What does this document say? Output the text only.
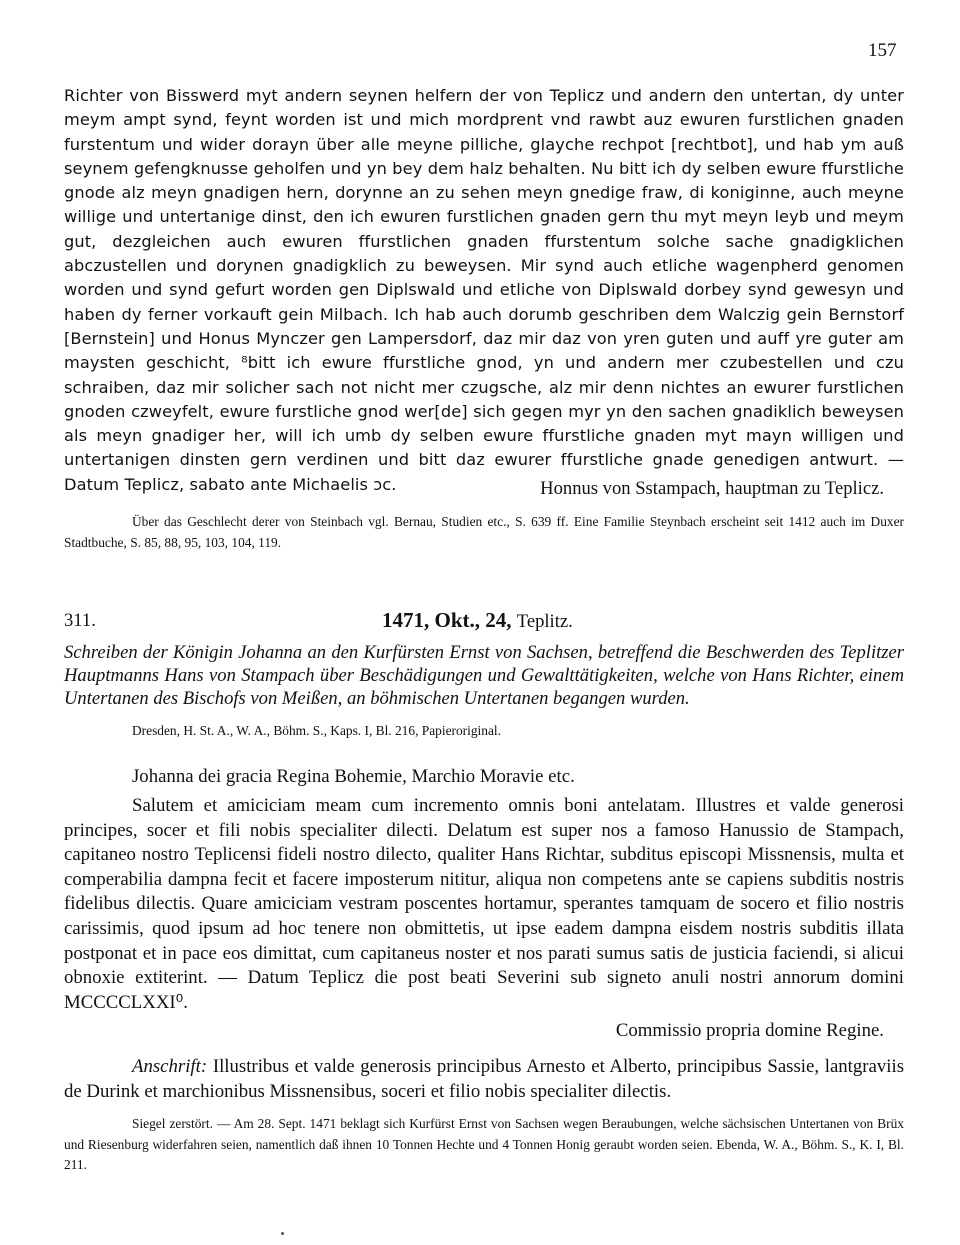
157

Richter von Bisswerd myt andern seynen helfern der von Teplicz und andern den untertan, dy unter meym ampt synd, feynt worden ist und mich mordprent vnd rawbt auz ewuren furstlichen gnaden furstentum und wider dorayn über alle meyne pilliche, glayche rechpot [rechtbot], und hab ym auß seynem gefengknusse geholfen und yn bey dem halz behalten. Nu bitt ich dy selben ewure ffurstliche gnode alz meyn gnadigen hern, dorynne an zu sehen meyn gnedige fraw, di koniginne, auch meyne willige und untertanige dinst, den ich ewuren furstlichen gnaden gern thu myt meyn leyb und meym gut, dezgleichen auch ewuren ffurstlichen gnaden ffurstentum solche sache gnadigklichen abczustellen und dorynen gnadigklich zu beweysen. Mir synd auch etliche wagenpherd genomen worden und synd gefurt worden gen Diplswald und etliche von Diplswald dorbey synd gewesyn und haben dy ferner vorkauft gein Milbach. Ich hab auch dorumb geschriben dem Walczig gein Bernstorf [Bernstein] und Honus Mynczer gen Lampersdorf, daz mir daz von yren guten und auff yre guter am maysten geschicht, ⁸bitt ich ewure ffurstliche gnod, yn und andern mer czubestellen und czu schraiben, daz mir solicher sach not nicht mer czugsche, alz mir denn nichtes an ewurer furstlichen gnoden czweyfelt, ewure furstliche gnod wer[de] sich gegen myr yn den sachen gnadiklich beweysen als meyn gnadiger her, will ich umb dy selben ewure ffurstliche gnaden myt mayn willigen und untertanigen dinsten gern verdinen und bitt daz ewurer ffurstliche gnade genedigen antwurt. — Datum Teplicz, sabato ante Michaelis ɔc.	Honnus von Sstampach, hauptman zu Teplicz.

Über das Geschlecht derer von Steinbach vgl. Bernau, Studien etc., S. 639 ff. Eine Familie Steynbach erscheint seit 1412 auch im Duxer Stadtbuche, S. 85, 88, 95, 103, 104, 119.

311.	1471, Okt., 24, Teplitz.

Schreiben der Königin Johanna an den Kurfürsten Ernst von Sachsen, betreffend die Beschwerden des Teplitzer Hauptmanns Hans von Stampach über Beschädigungen und Gewalttätigkeiten, welche von Hans Richter, einem Untertanen des Bischofs von Meißen, an böhmischen Untertanen begangen wurden.

Dresden, H. St. A., W. A., Böhm. S., Kaps. I, Bl. 216, Papieroriginal.
Johanna dei gracia Regina Bohemie, Marchio Moravie etc.

Salutem et amiciciam meam cum incremento omnis boni antelatam. Illustres et valde generosi principes, socer et fili nobis specialiter dilecti. Delatum est super nos a famoso Hanussio de Stampach, capitaneo nostro Teplicensi fideli nostro dilecto, qualiter Hans Richtar, subditus episcopi Missnensis, multa et comperabilia dampna fecit et facere imposterum nititur, aliqua non competens ante se capiens subditis nostris fidelibus dilectis. Quare amiciciam vestram poscentes hortamur, sperantes tamquam de socero et filio nostris carissimis, quod ipsum ad hoc tenere non obmittetis, ut ipse eadem dampna eisdem nostris subditis illata postponat et in pace eos dimittat, cum capitaneus noster et nos parati sumus satis de justicia faciendi, si alicui obnoxie extiterint. — Datum Teplicz die post beati Severini sub signeto anuli nostri annorum domini MCCCCLXXI⁰.

Commissio propria domine Regine.

Anschrift: Illustribus et valde generosis principibus Arnesto et Alberto, principibus Sassie, lantgraviis de Durink et marchionibus Missnensibus, soceri et filio nobis specialiter dilectis.

Siegel zerstört. — Am 28. Sept. 1471 beklagt sich Kurfürst Ernst von Sachsen wegen Beraubungen, welche sächsischen Untertanen von Brüx und Riesenburg widerfahren seien, namentlich daß ihnen 10 Tonnen Hechte und 4 Tonnen Honig geraubt worden seien. Ebenda, W. A., Böhm. S., K. I, Bl. 211.
